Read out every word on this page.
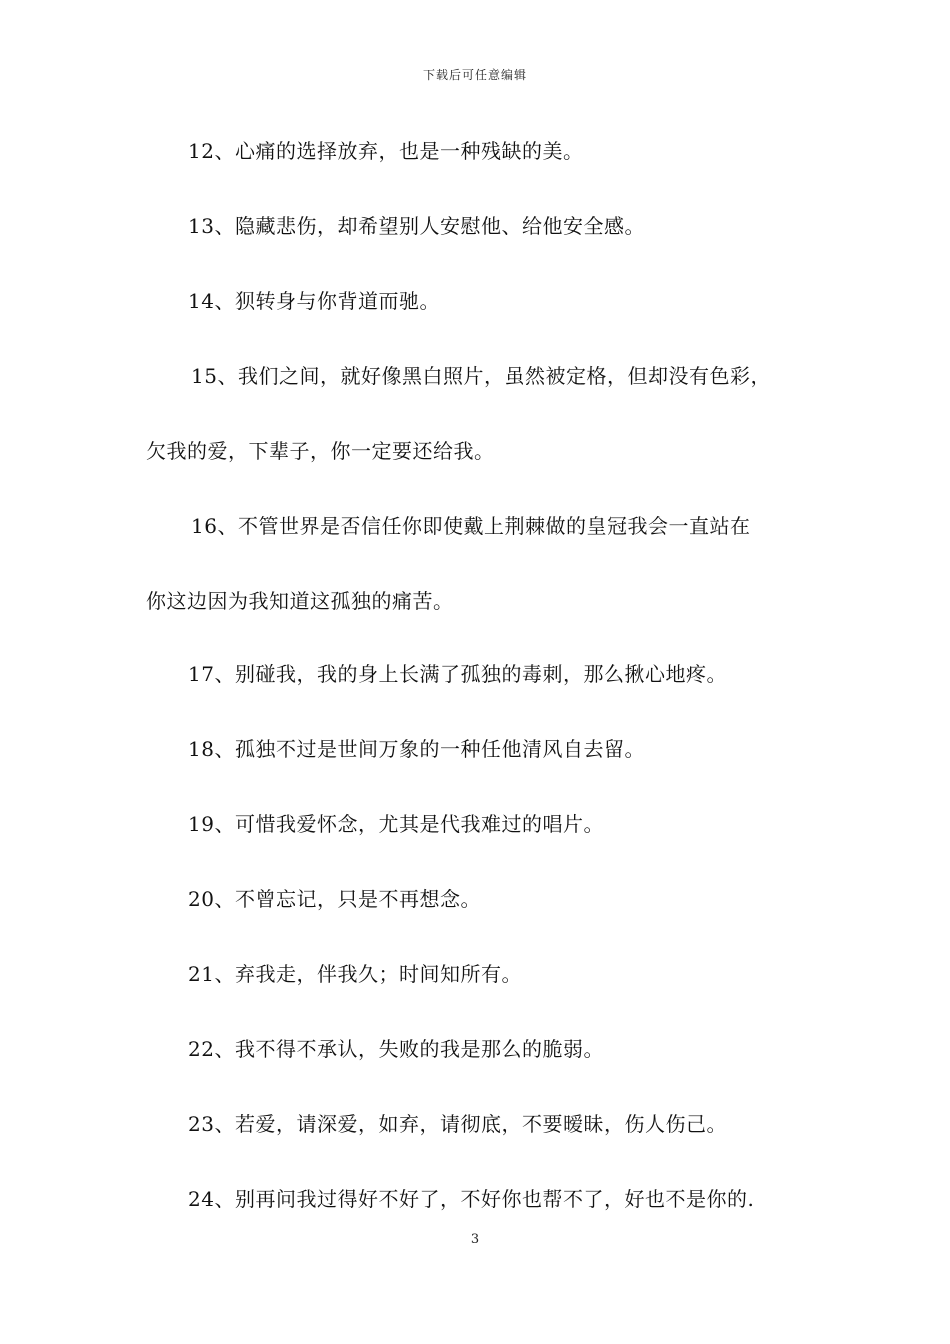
下载后可任意编辑
12、心痛的选择放弃，也是一种残缺的美。
13、隐藏悲伤，却希望别人安慰他、给他安全感。
14、狈转身与你背道而驰。
15、我们之间，就好像黑白照片，虽然被定格，但却没有色彩，
欠我的爱，下辈子，你一定要还给我。
16、不管世界是否信任你即使戴上荆棘做的皇冠我会一直站在
你这边因为我知道这孤独的痛苦。
17、别碰我，我的身上长满了孤独的毒刺，那么揪心地疼。
18、孤独不过是世间万象的一种任他清风自去留。
19、可惜我爱怀念，尤其是代我难过的唱片。
20、不曾忘记，只是不再想念。
21、弃我走，伴我久；时间知所有。
22、我不得不承认，失败的我是那么的脆弱。
23、若爱，请深爱，如弃，请彻底，不要暧昧，伤人伤己。
24、别再问我过得好不好了，不好你也帮不了，好也不是你的.
3
